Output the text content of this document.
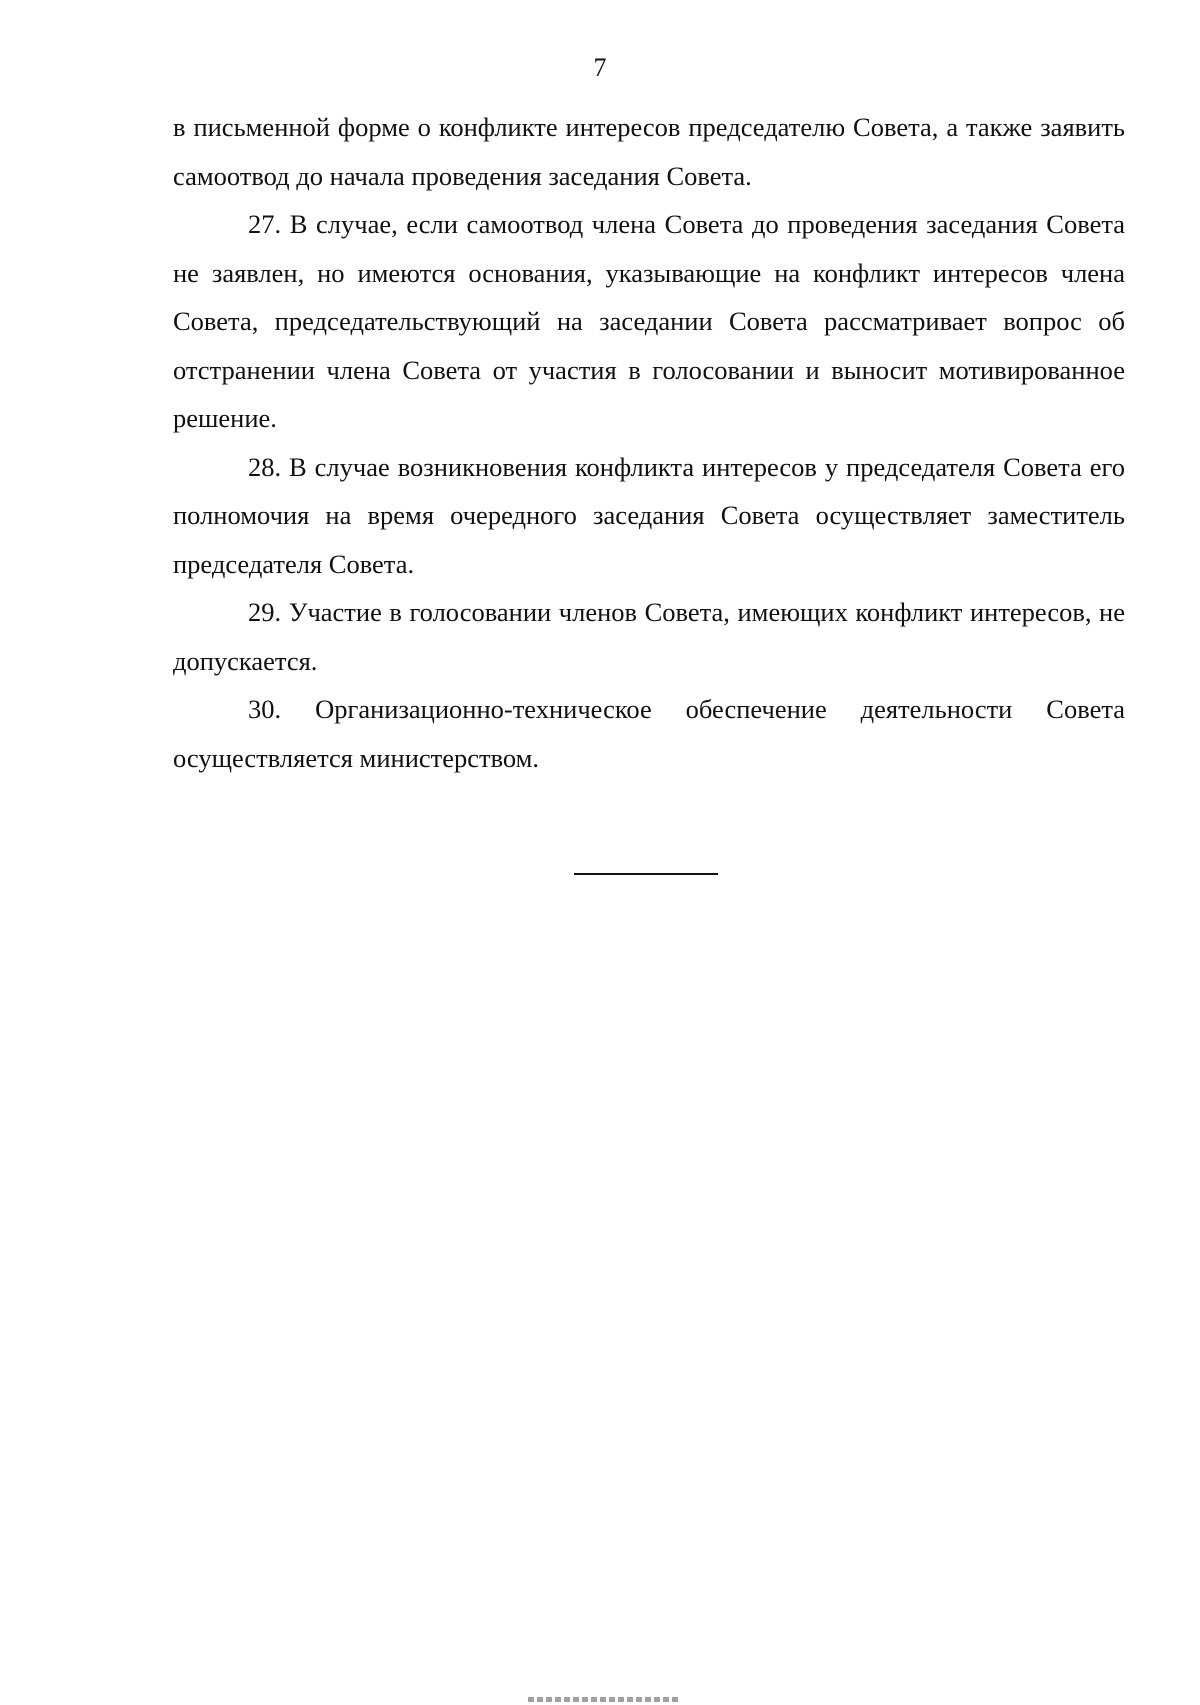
7

в письменной форме о конфликте интересов председателю Совета, а также заявить самоотвод до начала проведения заседания Совета.

27. В случае, если самоотвод члена Совета до проведения заседания Совета не заявлен, но имеются основания, указывающие на конфликт интересов члена Совета, председательствующий на заседании Совета рассматривает вопрос об отстранении члена Совета от участия в голосовании и выносит мотивированное решение.

28. В случае возникновения конфликта интересов у председателя Совета его полномочия на время очередного заседания Совета осуществляет заместитель председателя Совета.

29. Участие в голосовании членов Совета, имеющих конфликт интересов, не допускается.

30. Организационно-техническое обеспечение деятельности Совета осуществляется министерством.
